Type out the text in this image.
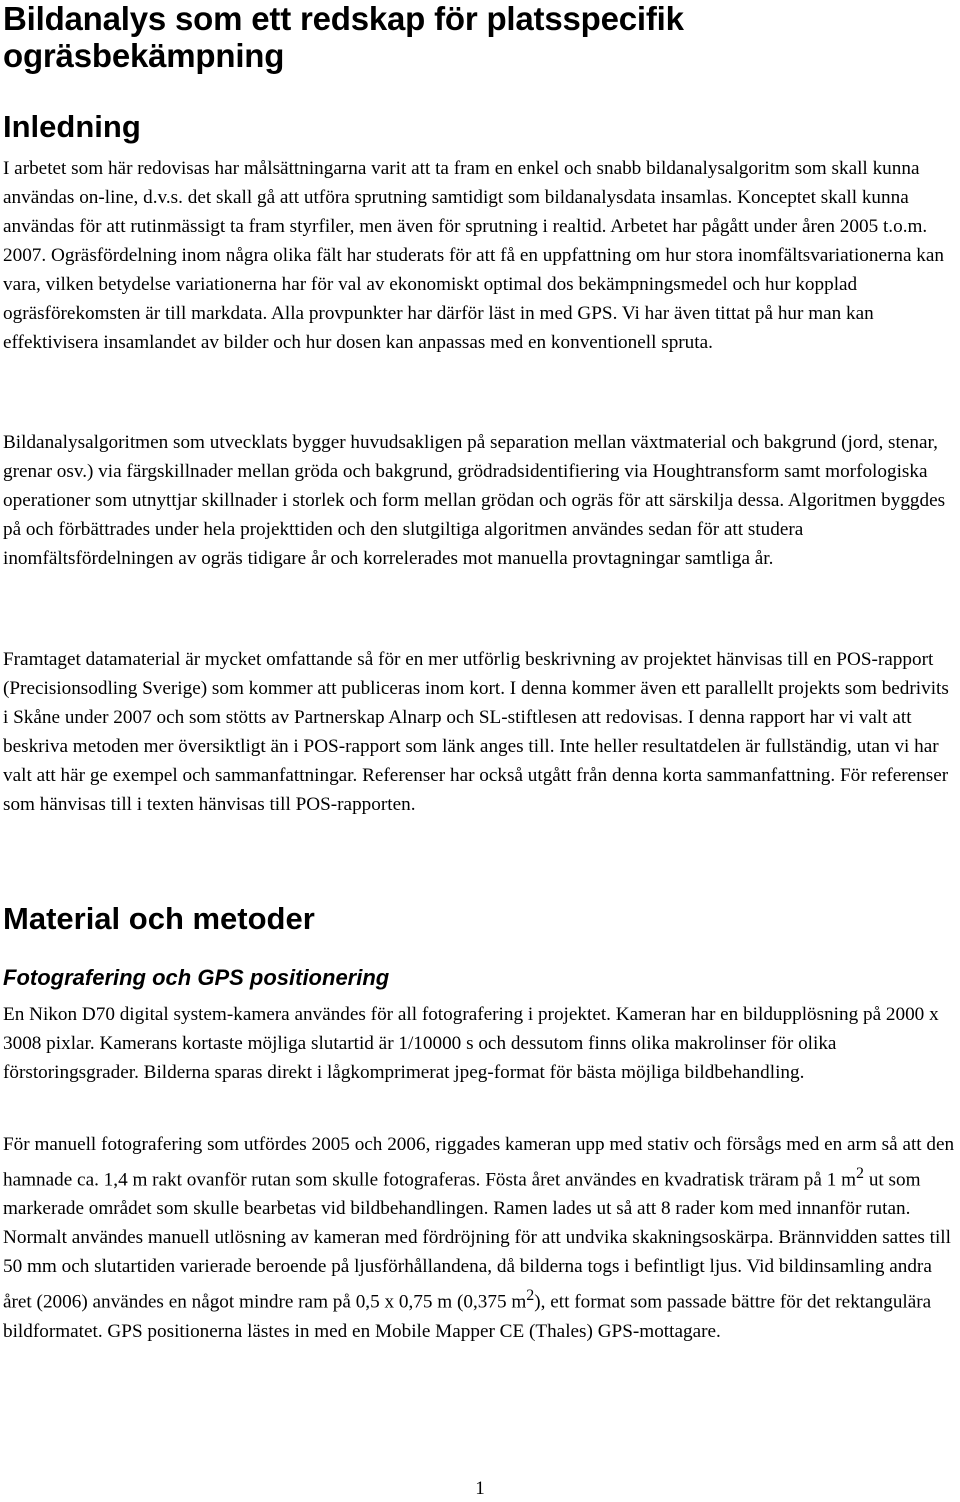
Bildanalys som ett redskap för platsspecifik ogräsbekämpning
Inledning

I arbetet som här redovisas har målsättningarna varit att ta fram en enkel och snabb bildanalysalgoritm som skall kunna användas on-line, d.v.s. det skall gå att utföra sprutning samtidigt som bildanalysdata insamlas. Konceptet skall kunna användas för att rutinmässigt ta fram styrfiler, men även för sprutning i realtid. Arbetet har pågått under åren 2005 t.o.m. 2007. Ogräsfördelning inom några olika fält har studerats för att få en uppfattning om hur stora inomfältsvariationerna kan vara, vilken betydelse variationerna har för val av ekonomiskt optimal dos bekämpningsmedel och hur kopplad ogräsförekomsten är till markdata. Alla provpunkter har därför läst in med GPS. Vi har även tittat på hur man kan effektivisera insamlandet av bilder och hur dosen kan anpassas med en konventionell spruta.

Bildanalysalgoritmen som utvecklats bygger huvudsakligen på separation mellan växtmaterial och bakgrund (jord, stenar, grenar osv.) via färgskillnader mellan gröda och bakgrund, grödradsidentifiering via Houghtransform samt morfologiska operationer som utnyttjar skillnader i storlek och form mellan grödan och ogräs för att särskilja dessa. Algoritmen byggdes på och förbättrades under hela projekttiden och den slutgiltiga algoritmen användes sedan för att studera inomfältsfördelningen av ogräs tidigare år och korrelerades mot manuella provtagningar samtliga år.

Framtaget datamaterial är mycket omfattande så för en mer utförlig beskrivning av projektet hänvisas till en POS-rapport (Precisionsodling Sverige) som kommer att publiceras inom kort. I denna kommer även ett parallellt projekts som bedrivits i Skåne under 2007 och som stötts av Partnerskap Alnarp och SL-stiftlesen att redovisas. I denna rapport har vi valt att beskriva metoden mer översiktligt än i POS-rapport som länk anges till. Inte heller resultatdelen är fullständig, utan vi har valt att här ge exempel och sammanfattningar. Referenser har också utgått från denna korta sammanfattning. För referenser som hänvisas till i texten hänvisas till POS-rapporten.

Material och metoder
Fotografering och GPS positionering

En Nikon D70 digital system-kamera användes för all fotografering i projektet. Kameran har en bildupplösning på 2000 x 3008 pixlar. Kamerans kortaste möjliga slutartid är 1/10000 s och dessutom finns olika makrolinser för olika förstoringsgrader. Bilderna sparas direkt i lågkomprimerat jpeg-format för bästa möjliga bildbehandling.

För manuell fotografering som utfördes 2005 och 2006, riggades kameran upp med stativ och försågs med en arm så att den hamnade ca. 1,4 m rakt ovanför rutan som skulle fotograferas. Fösta året användes en kvadratisk träram på 1 $m^2$ ut som markerade området som skulle bearbetas vid bildbehandlingen. Ramen lades ut så att 8 rader kom med innanför rutan. Normalt användes manuell utlösning av kameran med fördröjning för att undvika skakningsoskärpa. Brännvidden sattes till 50 mm och slutartiden varierade beroende på ljusförhållandena, då bilderna togs i befintligt ljus. Vid bildinsamling andra året (2006) användes en något mindre ram på 0,5 x 0,75 m (0,375 $m^2$), ett format som passade bättre för det rektangulära bildformatet. GPS positionerna lästes in med en Mobile Mapper CE (Thales) GPS-mottagare.

1
